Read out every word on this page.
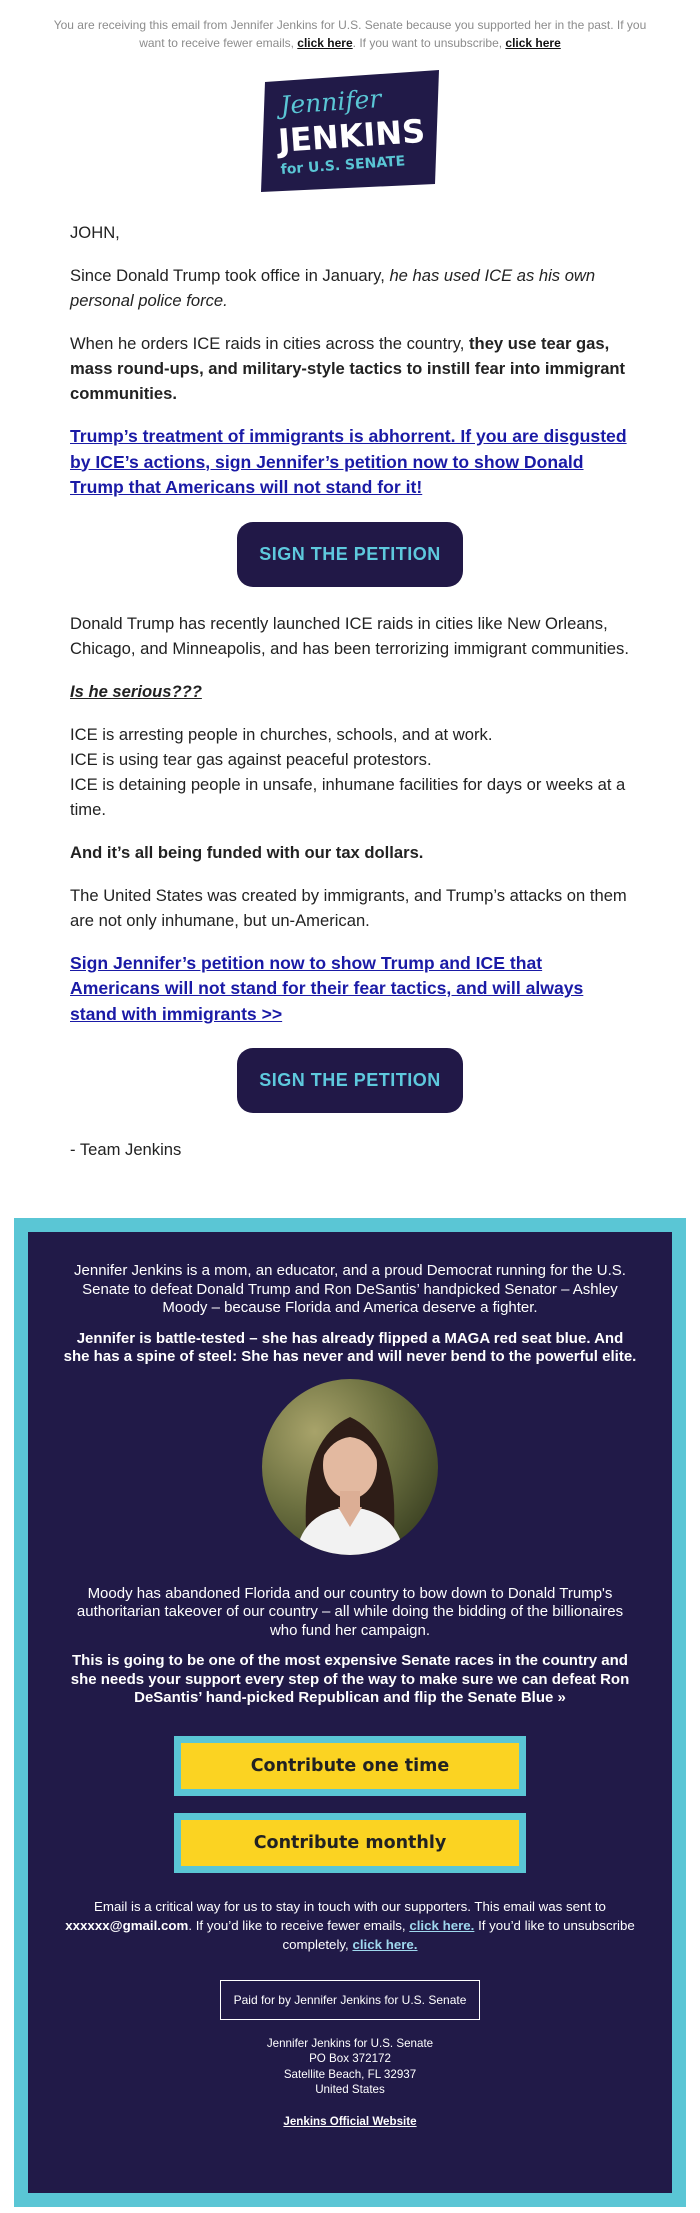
You are receiving this email from Jennifer Jenkins for U.S. Senate because you supported her in the past. If you want to receive fewer emails, click here. If you want to unsubscribe, click here
Jennifer
JENKINS
for U.S. SENATE

JOHN,

Since Donald Trump took office in January, he has used ICE as his own personal police force.

When he orders ICE raids in cities across the country, they use tear gas, mass round-ups, and military-style tactics to instill fear into immigrant communities.

Trump’s treatment of immigrants is abhorrent. If you are disgusted by ICE’s actions, sign Jennifer’s petition now to show Donald Trump that Americans will not stand for it!

SIGN THE PETITION

Donald Trump has recently launched ICE raids in cities like New Orleans, Chicago, and Minneapolis, and has been terrorizing immigrant communities.

Is he serious???

ICE is arresting people in churches, schools, and at work.
ICE is using tear gas against peaceful protestors.
ICE is detaining people in unsafe, inhumane facilities for days or weeks at a time.

And it’s all being funded with our tax dollars.

The United States was created by immigrants, and Trump’s attacks on them are not only inhumane, but un-American.

Sign Jennifer’s petition now to show Trump and ICE that Americans will not stand for their fear tactics, and will always stand with immigrants >>

SIGN THE PETITION

- Team Jenkins

Jennifer Jenkins is a mom, an educator, and a proud Democrat running for the U.S. Senate to defeat Donald Trump and Ron DeSantis’ handpicked Senator – Ashley Moody – because Florida and America deserve a fighter.

Jennifer is battle-tested – she has already flipped a MAGA red seat blue. And she has a spine of steel: She has never and will never bend to the powerful elite.

Moody has abandoned Florida and our country to bow down to Donald Trump's authoritarian takeover of our country – all while doing the bidding of the billionaires who fund her campaign.

This is going to be one of the most expensive Senate races in the country and she needs your support every step of the way to make sure we can defeat Ron DeSantis’ hand-picked Republican and flip the Senate Blue »

Contribute one time
Contribute monthly

Email is a critical way for us to stay in touch with our supporters. This email was sent to xxxxxx@gmail.com. If you’d like to receive fewer emails, click here. If you’d like to unsubscribe completely, click here.

Paid for by Jennifer Jenkins for U.S. Senate
Jennifer Jenkins for U.S. Senate
PO Box 372172
Satellite Beach, FL 32937
United States
Jenkins Official Website
